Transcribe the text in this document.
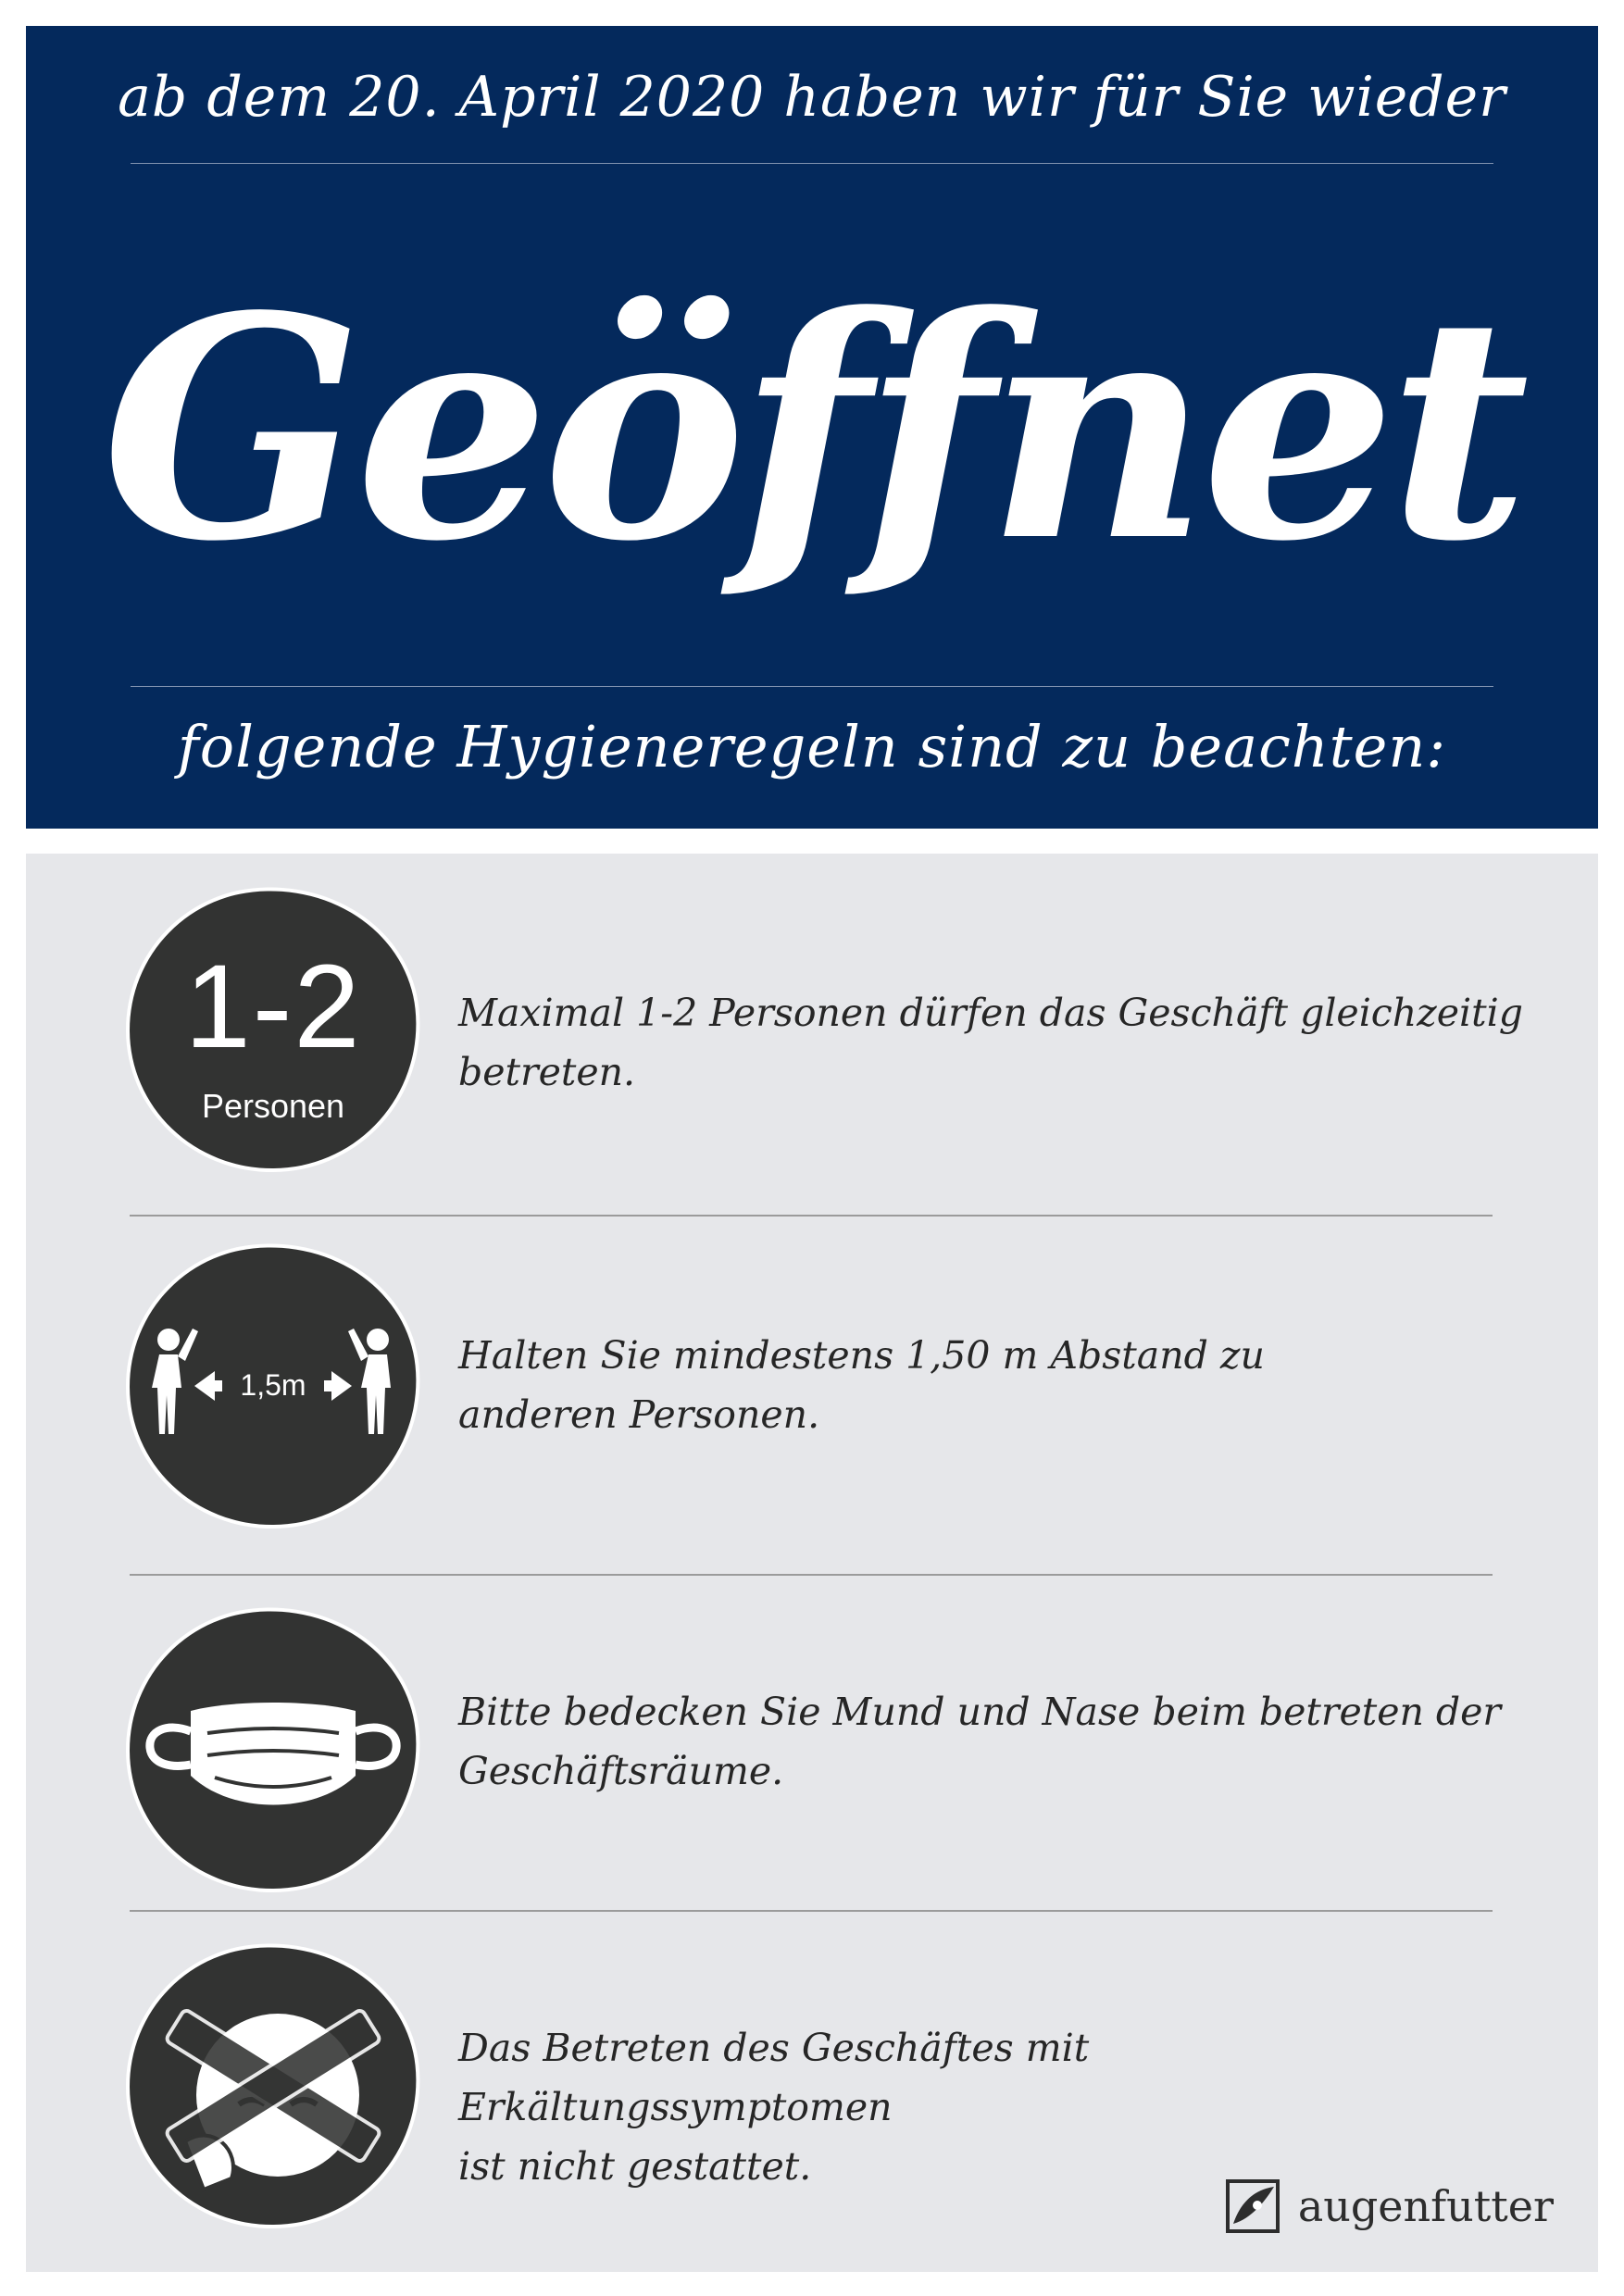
ab dem 20. April 2020 haben wir für Sie wieder
Geöffnet
folgende Hygieneregeln sind zu beachten:
1-2
Personen
Maximal 1-2 Personen dürfen das Geschäft gleichzeitig
betreten.
1,5m
Halten Sie mindestens 1,50 m Abstand zu
anderen Personen.
Bitte bedecken Sie Mund und Nase beim betreten der
Geschäftsräume.
Das Betreten des Geschäftes mit Erkältungssymptomen
ist nicht gestattet.
augenfutter
